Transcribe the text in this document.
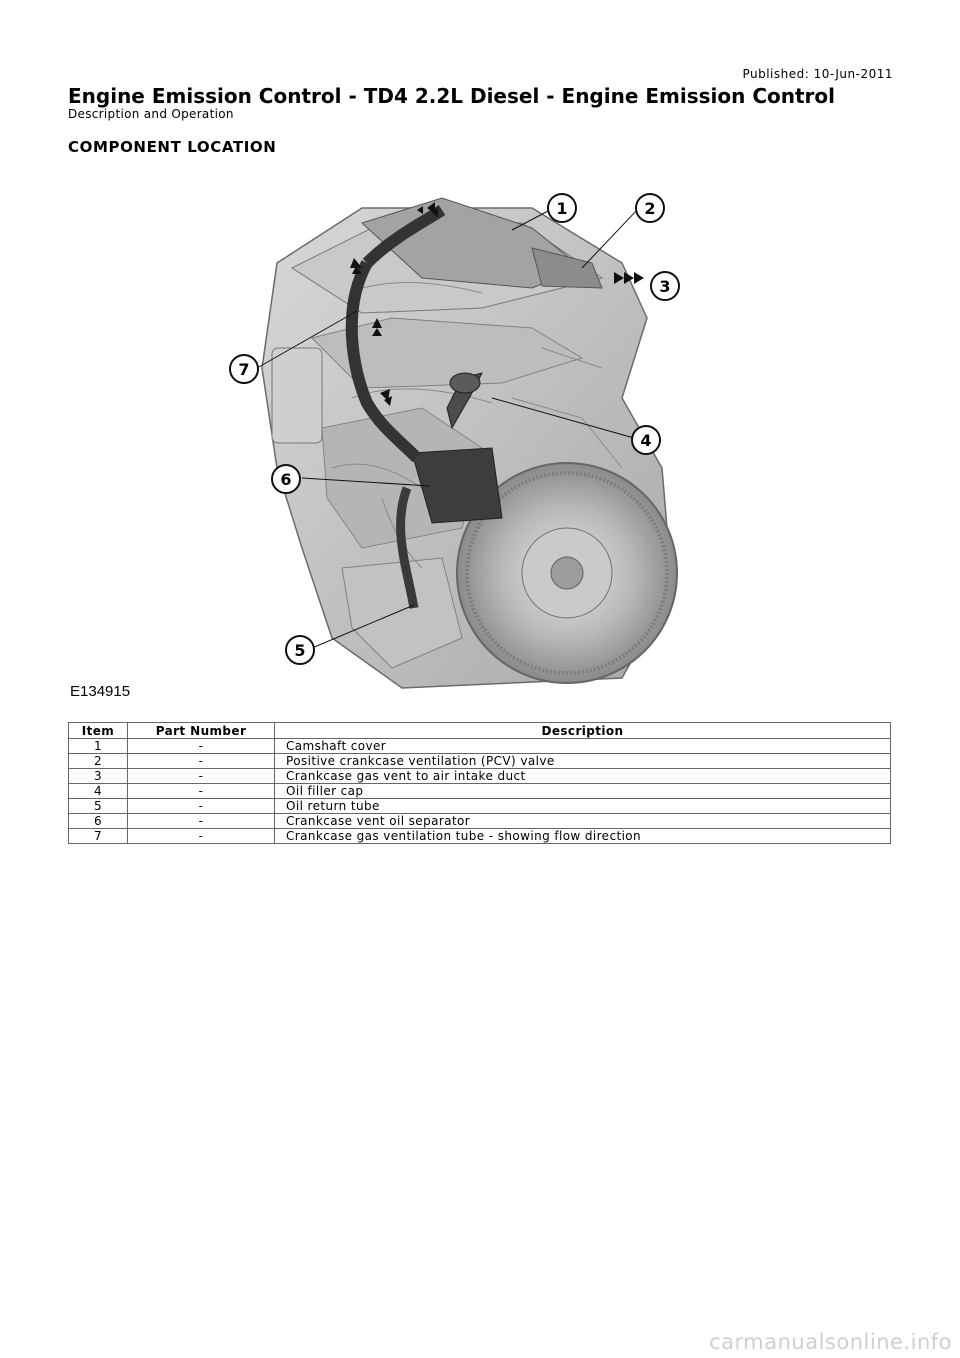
Published: 10-Jun-2011
Engine Emission Control - TD4 2.2L Diesel - Engine Emission Control
Description and Operation
COMPONENT LOCATION
1	2
3
4
5
6
7
E134915
Item	Part Number	Description
1	-	Camshaft cover
2	-	Positive crankcase ventilation (PCV) valve
3	-	Crankcase gas vent to air intake duct
4	-	Oil filler cap
5	-	Oil return tube
6	-	Crankcase vent oil separator
7	-	Crankcase gas ventilation tube - showing flow direction
carmanualsonline.info
